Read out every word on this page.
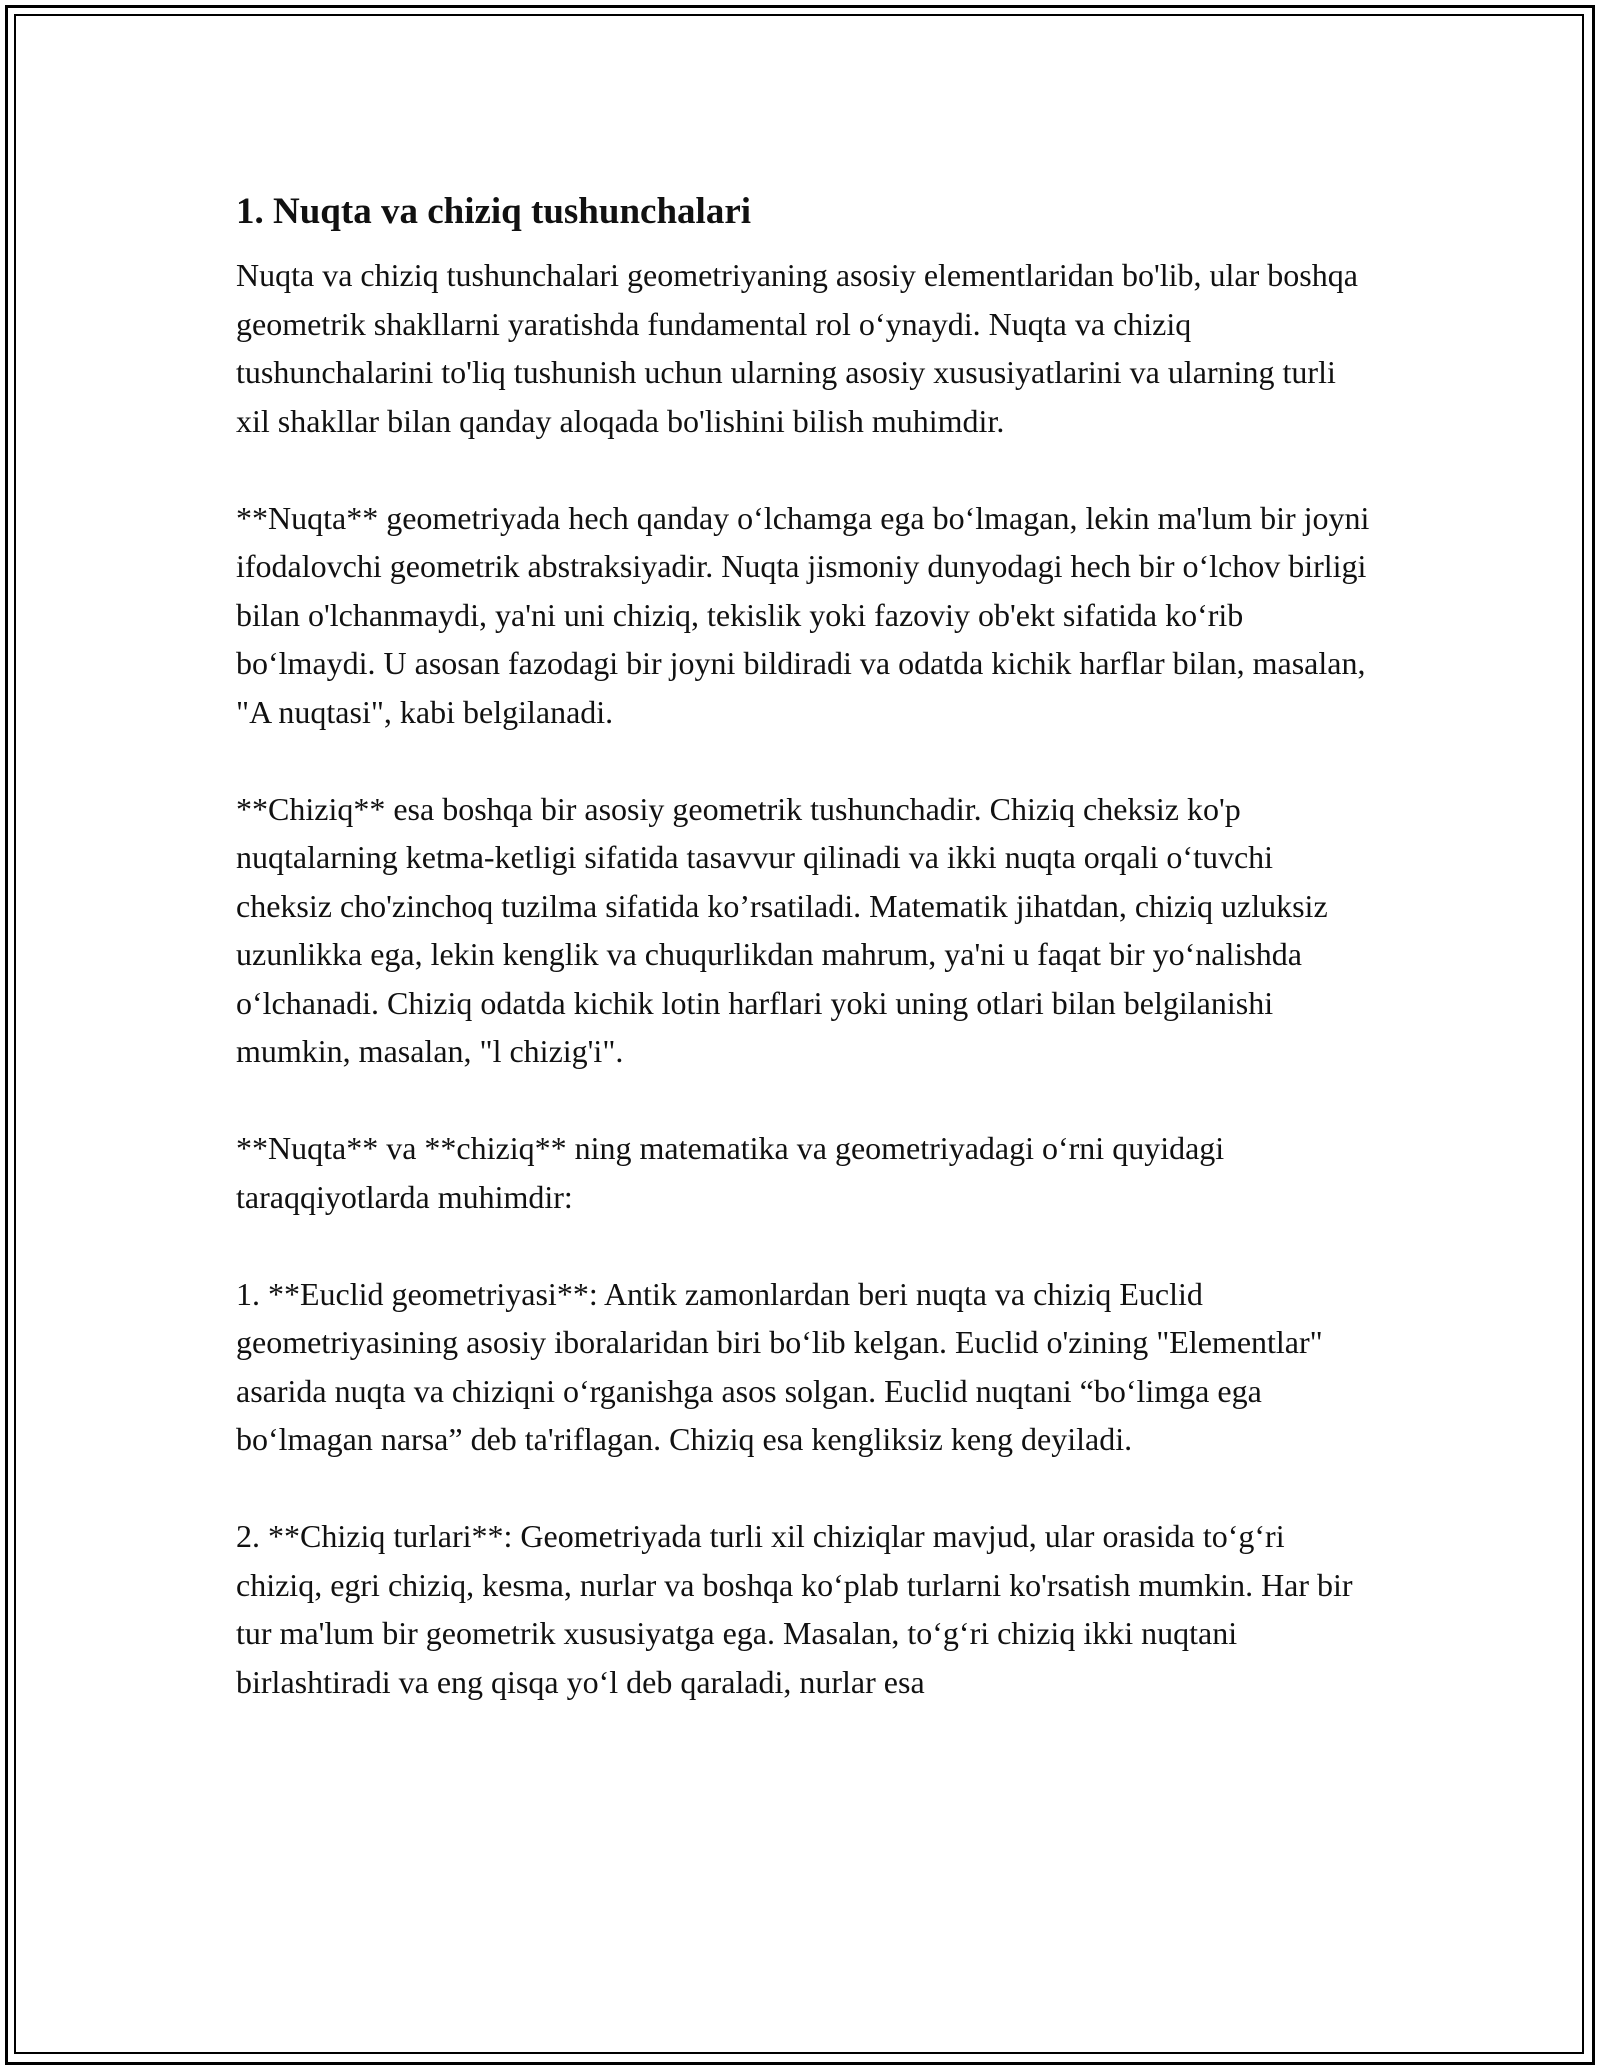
1. Nuqta va chiziq tushunchalari

Nuqta va chiziq tushunchalari geometriyaning asosiy elementlaridan bo'lib, ular boshqa geometrik shakllarni yaratishda fundamental rol o‘ynaydi. Nuqta va chiziq tushunchalarini to'liq tushunish uchun ularning asosiy xususiyatlarini va ularning turli xil shakllar bilan qanday aloqada bo'lishini bilish muhimdir.

**Nuqta** geometriyada hech qanday o‘lchamga ega bo‘lmagan, lekin ma'lum bir joyni ifodalovchi geometrik abstraksiyadir. Nuqta jismoniy dunyodagi hech bir o‘lchov birligi bilan o'lchanmaydi, ya'ni uni chiziq, tekislik yoki fazoviy ob'ekt sifatida ko‘rib bo‘lmaydi. U asosan fazodagi bir joyni bildiradi va odatda kichik harflar bilan, masalan, "A nuqtasi", kabi belgilanadi.

**Chiziq** esa boshqa bir asosiy geometrik tushunchadir. Chiziq cheksiz ko'p nuqtalarning ketma-ketligi sifatida tasavvur qilinadi va ikki nuqta orqali o‘tuvchi cheksiz cho'zinchoq tuzilma sifatida ko’rsatiladi. Matematik jihatdan, chiziq uzluksiz uzunlikka ega, lekin kenglik va chuqurlikdan mahrum, ya'ni u faqat bir yo‘nalishda o‘lchanadi. Chiziq odatda kichik lotin harflari yoki uning otlari bilan belgilanishi mumkin, masalan, "l chizig'i".

**Nuqta** va **chiziq** ning matematika va geometriyadagi o‘rni quyidagi taraqqiyotlarda muhimdir:

1. **Euclid geometriyasi**: Antik zamonlardan beri nuqta va chiziq Euclid geometriyasining asosiy iboralaridan biri bo‘lib kelgan. Euclid o'zining "Elementlar" asarida nuqta va chiziqni o‘rganishga asos solgan. Euclid nuqtani “bo‘limga ega bo‘lmagan narsa” deb ta'riflagan. Chiziq esa kengliksiz keng deyiladi.

2. **Chiziq turlari**: Geometriyada turli xil chiziqlar mavjud, ular orasida to‘g‘ri chiziq, egri chiziq, kesma, nurlar va boshqa ko‘plab turlarni ko'rsatish mumkin. Har bir tur ma'lum bir geometrik xususiyatga ega. Masalan, to‘g‘ri chiziq ikki nuqtani birlashtiradi va eng qisqa yo‘l deb qaraladi, nurlar esa
